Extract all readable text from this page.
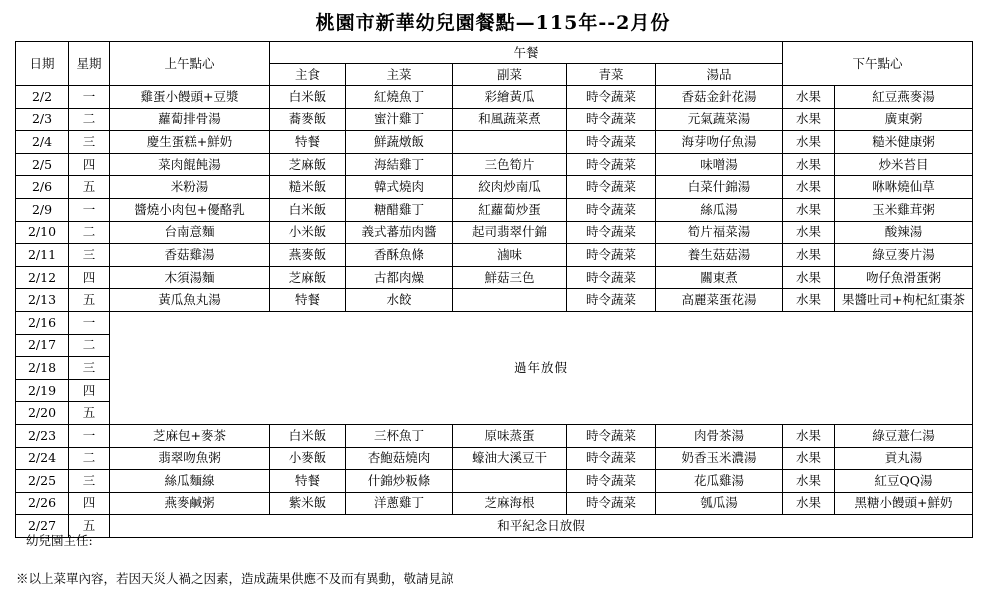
桃園市新華幼兒園餐點—115年--2月份
日期	星期	上午點心	午餐					下午點心	
			主食	主菜	副菜	青菜	湯品		
2/2	一	雞蛋小饅頭+豆漿	白米飯	紅燒魚丁	彩繪黃瓜	時令蔬菜	香菇金針花湯	水果	紅豆燕麥湯
2/3	二	蘿蔔排骨湯	蕎麥飯	蜜汁雞丁	和風蔬菜煮	時令蔬菜	元氣蔬菜湯	水果	廣東粥
2/4	三	慶生蛋糕+鮮奶	特餐	鮮蔬燉飯		時令蔬菜	海芽吻仔魚湯	水果	糙米健康粥
2/5	四	菜肉餛飩湯	芝麻飯	海結雞丁	三色筍片	時令蔬菜	味噌湯	水果	炒米苔目
2/6	五	米粉湯	糙米飯	韓式燒肉	絞肉炒南瓜	時令蔬菜	白菜什錦湯	水果	咻咻燒仙草
2/9	一	醬燒小肉包+優酪乳	白米飯	糖醋雞丁	紅蘿蔔炒蛋	時令蔬菜	絲瓜湯	水果	玉米雞茸粥
2/10	二	台南意麵	小米飯	義式蕃茄肉醬	起司翡翠什錦	時令蔬菜	筍片福菜湯	水果	酸辣湯
2/11	三	香菇雞湯	燕麥飯	香酥魚條	滷味	時令蔬菜	養生菇菇湯	水果	綠豆麥片湯
2/12	四	木須湯麵	芝麻飯	古都肉燥	鮮菇三色	時令蔬菜	關東煮	水果	吻仔魚滑蛋粥
2/13	五	黃瓜魚丸湯	特餐	水餃		時令蔬菜	高麗菜蛋花湯	水果	果醬吐司+枸杞紅棗茶
2/16	一	過年放假							
2/17	二								
2/18	三								
2/19	四								
2/20	五								
2/23	一	芝麻包+麥茶	白米飯	三杯魚丁	原味蒸蛋	時令蔬菜	肉骨茶湯	水果	綠豆薏仁湯
2/24	二	翡翠吻魚粥	小麥飯	杏鮑菇燒肉	蠔油大溪豆干	時令蔬菜	奶香玉米濃湯	水果	貢丸湯
2/25	三	絲瓜麵線	特餐	什錦炒粄條		時令蔬菜	花瓜雞湯	水果	紅豆QQ湯
2/26	四	燕麥鹹粥	紫米飯	洋蔥雞丁	芝麻海根	時令蔬菜	瓠瓜湯	水果	黑糖小饅頭+鮮奶
2/27	五	和平紀念日放假							
幼兒園主任:
※以上菜單內容，若因天災人禍之因素，造成蔬果供應不及而有異動，敬請見諒
